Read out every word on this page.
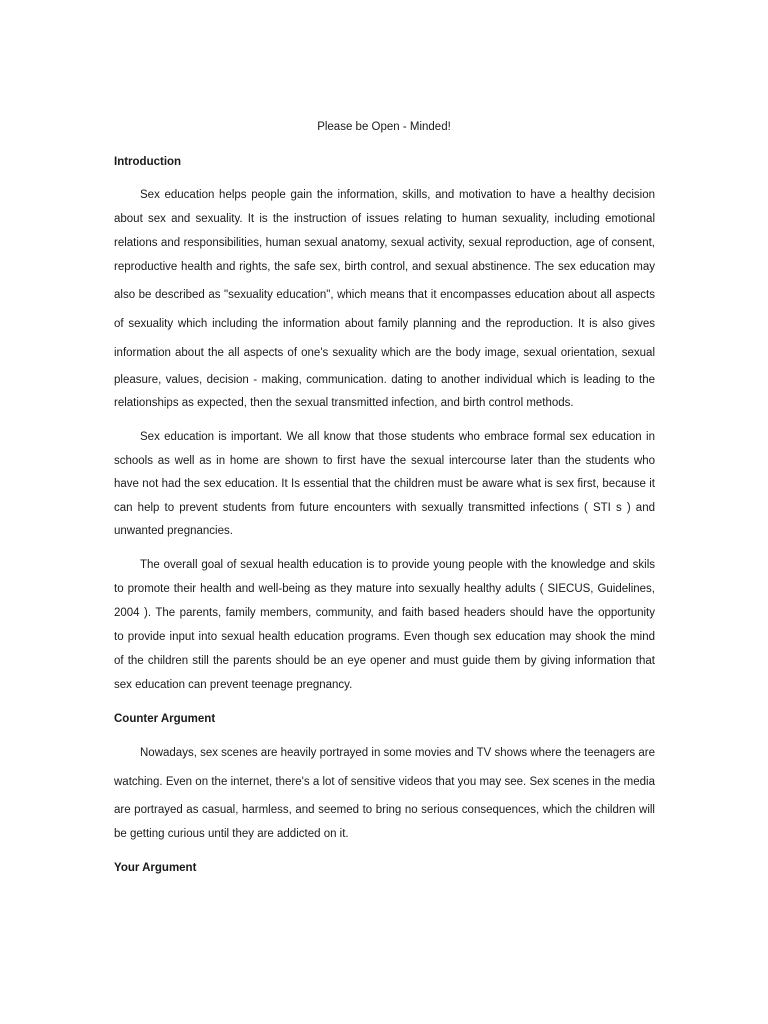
Please be Open - Minded!
Introduction
Sex education helps people gain the information, skills, and motivation to have a healthy decision
about sex and sexuality. It is the instruction of issues relating to human sexuality, including emotional
relations and responsibilities, human sexual anatomy, sexual activity, sexual reproduction, age of consent,
reproductive health and rights, the safe sex, birth control, and sexual abstinence. The sex education may
also be described as "sexuality education", which means that it encompasses education about all aspects
of sexuality which including the information about family planning and the reproduction. It is also gives
information about the all aspects of one's sexuality which are the body image, sexual orientation, sexual
pleasure, values, decision - making, communication. dating to another individual which is leading to the
relationships as expected, then the sexual transmitted infection, and birth control methods.
Sex education is important. We all know that those students who embrace formal sex education in
schools as well as in home are shown to first have the sexual intercourse later than the students who
have not had the sex education. It Is essential that the children must be aware what is sex first, because it
can help to prevent students from future encounters with sexually transmitted infections ( STI s ) and
unwanted pregnancies.
The overall goal of sexual health education is to provide young people with the knowledge and skils
to promote their health and well-being as they mature into sexually healthy adults ( SIECUS, Guidelines,
2004 ). The parents, family members, community, and faith based headers should have the opportunity
to provide input into sexual health education programs. Even though sex education may shook the mind
of the children still the parents should be an eye opener and must guide them by giving information that
sex education can prevent teenage pregnancy.
Counter Argument
Nowadays, sex scenes are heavily portrayed in some movies and TV shows where the teenagers are
watching. Even on the internet, there's a lot of sensitive videos that you may see. Sex scenes in the media
are portrayed as casual, harmless, and seemed to bring no serious consequences, which the children will
be getting curious until they are addicted on it.
Your Argument
